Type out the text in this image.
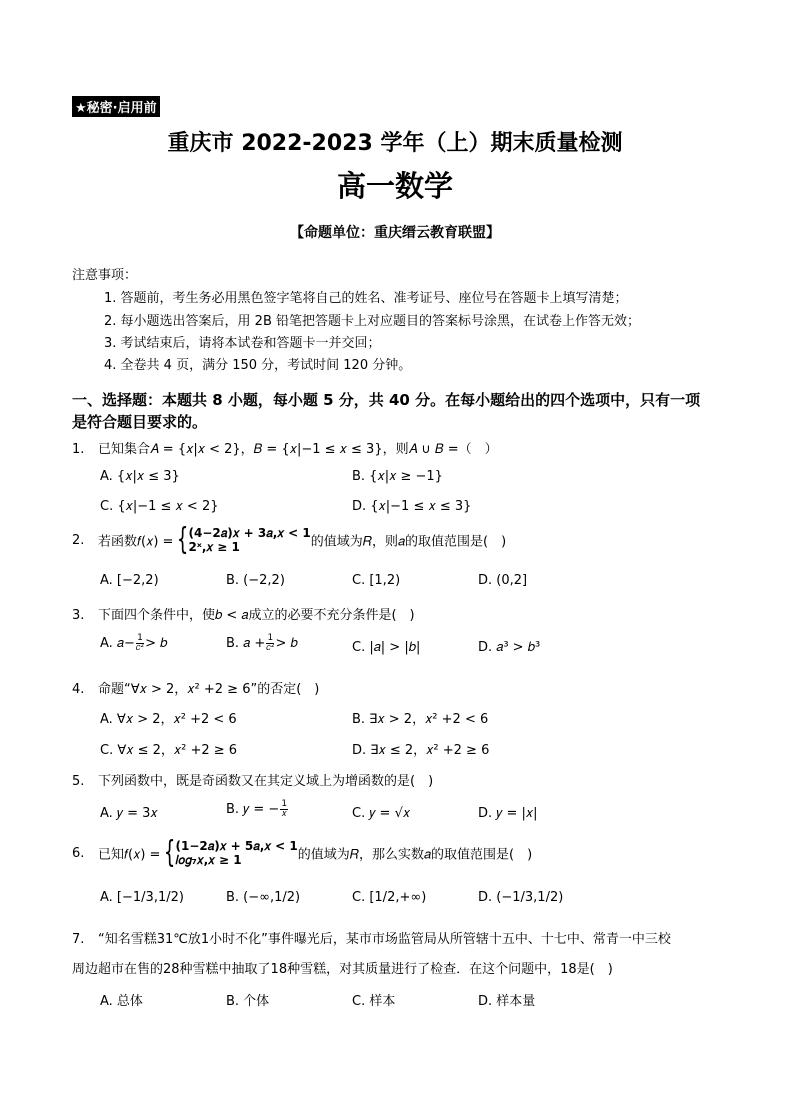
★秘密·启用前
重庆市 2022-2023 学年（上）期末质量检测
高一数学
【命题单位：重庆缙云教育联盟】
注意事项：
1. 答题前，考生务必用黑色签字笔将自己的姓名、准考证号、座位号在答题卡上填写清楚；
2. 每小题选出答案后，用 2B 铅笔把答题卡上对应题目的答案标号涂黑，在试卷上作答无效；
3. 考试结束后，请将本试卷和答题卡一并交回；
4. 全卷共 4 页，满分 150 分，考试时间 120 分钟。
一、选择题：本题共 8 小题，每小题 5 分，共 40 分。在每小题给出的四个选项中，只有一项
是符合题目要求的。
1. 已知集合𝐴 = {𝑥|𝑥 < 2}，𝐵 = {𝑥|−1 ≤ 𝑥 ≤ 3}，则𝐴 ∪ 𝐵 =（　）
A. {𝑥|𝑥 ≤ 3}	B. {𝑥|𝑥 ≥ −1}
C. {𝑥|−1 ≤ 𝑥 < 2}	D. {𝑥|−1 ≤ 𝑥 ≤ 3}
2. 若函数𝑓(𝑥) = { (4−2𝑎)𝑥 + 3𝑎,𝑥 < 1
2ˣ,𝑥 ≥ 1	的值域为𝑅，则𝑎的取值范围是(　)
A. [−2,2)	B. (−2,2)	C. [1,2)	D. (0,2]
3. 下面四个条件中，使𝑏 < 𝑎成立的必要不充分条件是(　)
A. 𝑎− $\frac{1}{\text{𝑐²}}$ > 𝑏	B. 𝑎 + $\frac{1}{\text{𝑐²}}$ > 𝑏	C. |𝑎| > |𝑏|	D. 𝑎³ > 𝑏³
4. 命题“∀𝑥 > 2，𝑥² +2 ≥ 6”的否定(　)
A. ∀𝑥 > 2，𝑥² +2 < 6	B. ∃𝑥 > 2，𝑥² +2 < 6
C. ∀𝑥 ≤ 2，𝑥² +2 ≥ 6	D. ∃𝑥 ≤ 2，𝑥² +2 ≥ 6
5. 下列函数中，既是奇函数又在其定义域上为增函数的是(　)
A. 𝑦 = 3𝑥	B. 𝑦 = − $\frac{1}{\text{𝑥}}$	C. 𝑦 = √𝑥	D. 𝑦 = |𝑥|
6. 已知𝑓(𝑥) = { (1−2𝑎)𝑥 + 5𝑎,𝑥 < 1
𝑙𝑜𝑔₇𝑥,𝑥 ≥ 1	的值域为𝑅，那么实数𝑎的取值范围是(　)
A. [−1/3,1/2)	B. (−∞,1/2)	C. [1/2,+∞)	D. (−1/3,1/2)
7. “知名雪糕31℃放1小时不化”事件曝光后，某市市场监管局从所管辖十五中、十七中、常青一中三校
周边超市在售的28种雪糕中抽取了18种雪糕，对其质量进行了检查．在这个问题中，18是(　)
A. 总体	B. 个体	C. 样本	D. 样本量
